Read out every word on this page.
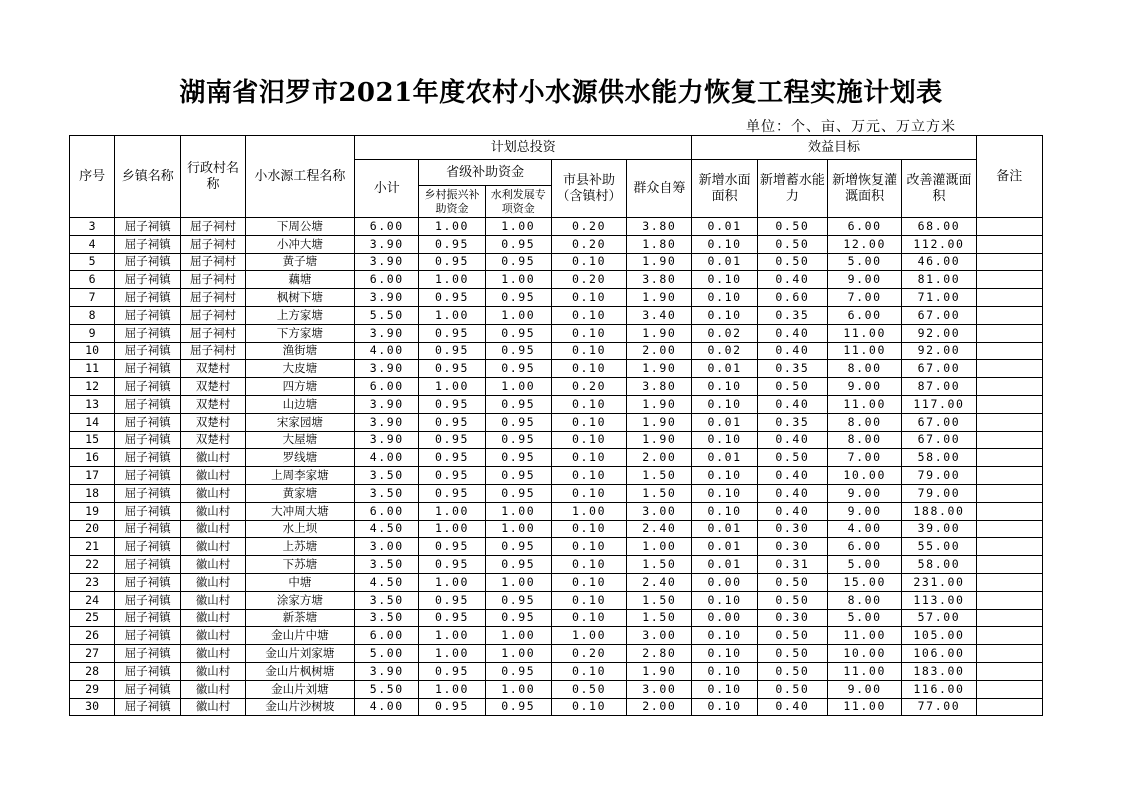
湖南省汨罗市2021年度农村小水源供水能力恢复工程实施计划表
单位：个、亩、万元、万立方米
序号	乡镇名称	行政村名称	小水源工程名称	计划总投资					效益目标				备注
				小计	省级补助资金		市县补助（含镇村）	群众自筹	新增水面面积	新增蓄水能力	新增恢复灌溉面积	改善灌溉面积	
					乡村振兴补助资金	水利发展专项资金							
3	屈子祠镇	屈子祠村	下周公塘	6.00	1.00	1.00	0.20	3.80	0.01	0.50	6.00	68.00	
4	屈子祠镇	屈子祠村	小冲大塘	3.90	0.95	0.95	0.20	1.80	0.10	0.50	12.00	112.00	
5	屈子祠镇	屈子祠村	黄子塘	3.90	0.95	0.95	0.10	1.90	0.01	0.50	5.00	46.00	
6	屈子祠镇	屈子祠村	藕塘	6.00	1.00	1.00	0.20	3.80	0.10	0.40	9.00	81.00	
7	屈子祠镇	屈子祠村	枫树下塘	3.90	0.95	0.95	0.10	1.90	0.10	0.60	7.00	71.00	
8	屈子祠镇	屈子祠村	上方家塘	5.50	1.00	1.00	0.10	3.40	0.10	0.35	6.00	67.00	
9	屈子祠镇	屈子祠村	下方家塘	3.90	0.95	0.95	0.10	1.90	0.02	0.40	11.00	92.00	
10	屈子祠镇	屈子祠村	渔街塘	4.00	0.95	0.95	0.10	2.00	0.02	0.40	11.00	92.00	
11	屈子祠镇	双楚村	大皮塘	3.90	0.95	0.95	0.10	1.90	0.01	0.35	8.00	67.00	
12	屈子祠镇	双楚村	四方塘	6.00	1.00	1.00	0.20	3.80	0.10	0.50	9.00	87.00	
13	屈子祠镇	双楚村	山边塘	3.90	0.95	0.95	0.10	1.90	0.10	0.40	11.00	117.00	
14	屈子祠镇	双楚村	宋家园塘	3.90	0.95	0.95	0.10	1.90	0.01	0.35	8.00	67.00	
15	屈子祠镇	双楚村	大屋塘	3.90	0.95	0.95	0.10	1.90	0.10	0.40	8.00	67.00	
16	屈子祠镇	徽山村	罗线塘	4.00	0.95	0.95	0.10	2.00	0.01	0.50	7.00	58.00	
17	屈子祠镇	徽山村	上周李家塘	3.50	0.95	0.95	0.10	1.50	0.10	0.40	10.00	79.00	
18	屈子祠镇	徽山村	黄家塘	3.50	0.95	0.95	0.10	1.50	0.10	0.40	9.00	79.00	
19	屈子祠镇	徽山村	大冲周大塘	6.00	1.00	1.00	1.00	3.00	0.10	0.40	9.00	188.00	
20	屈子祠镇	徽山村	水上坝	4.50	1.00	1.00	0.10	2.40	0.01	0.30	4.00	39.00	
21	屈子祠镇	徽山村	上苏塘	3.00	0.95	0.95	0.10	1.00	0.01	0.30	6.00	55.00	
22	屈子祠镇	徽山村	下苏塘	3.50	0.95	0.95	0.10	1.50	0.01	0.31	5.00	58.00	
23	屈子祠镇	徽山村	中塘	4.50	1.00	1.00	0.10	2.40	0.00	0.50	15.00	231.00	
24	屈子祠镇	徽山村	涂家方塘	3.50	0.95	0.95	0.10	1.50	0.10	0.50	8.00	113.00	
25	屈子祠镇	徽山村	新茶塘	3.50	0.95	0.95	0.10	1.50	0.00	0.30	5.00	57.00	
26	屈子祠镇	徽山村	金山片中塘	6.00	1.00	1.00	1.00	3.00	0.10	0.50	11.00	105.00	
27	屈子祠镇	徽山村	金山片刘家塘	5.00	1.00	1.00	0.20	2.80	0.10	0.50	10.00	106.00	
28	屈子祠镇	徽山村	金山片枫树塘	3.90	0.95	0.95	0.10	1.90	0.10	0.50	11.00	183.00	
29	屈子祠镇	徽山村	金山片刘塘	5.50	1.00	1.00	0.50	3.00	0.10	0.50	9.00	116.00	
30	屈子祠镇	徽山村	金山片沙树坡	4.00	0.95	0.95	0.10	2.00	0.10	0.40	11.00	77.00	
